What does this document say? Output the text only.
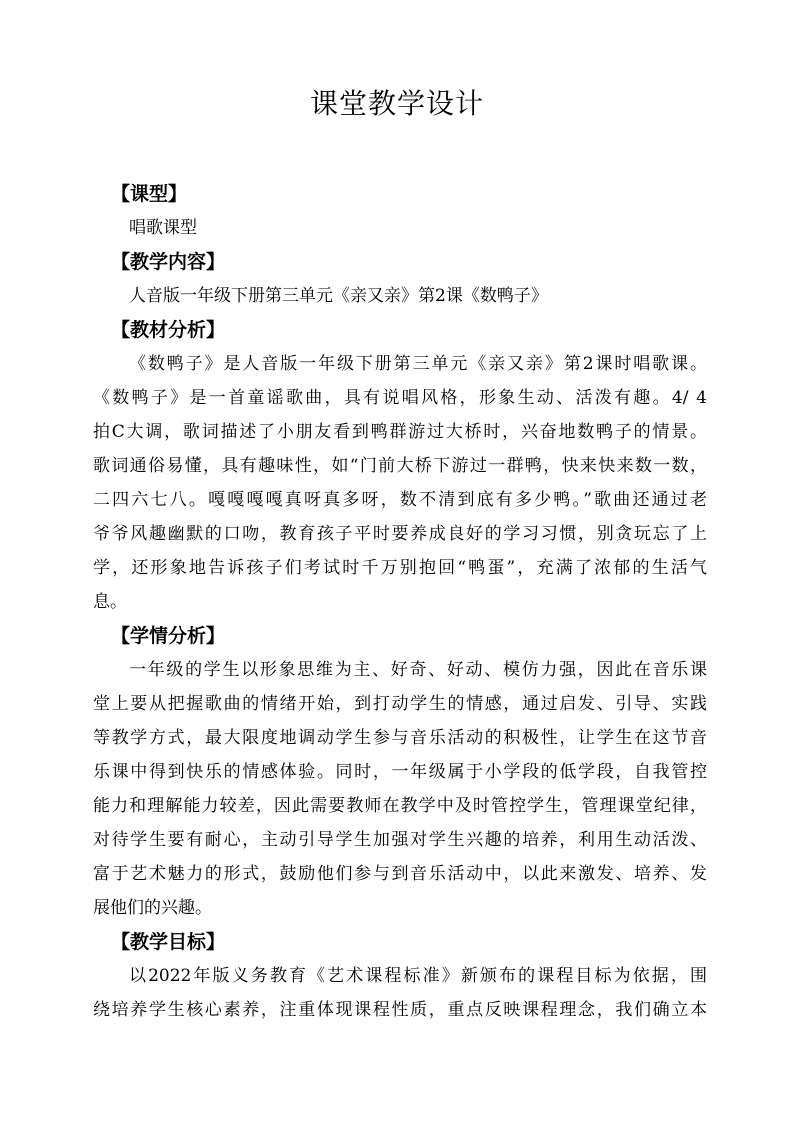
课堂教学设计
【课型】
唱歌课型
【教学内容】
人音版一年级下册第三单元《亲又亲》第2课《数鸭子》
【教材分析】
《数鸭子》是人音版一年级下册第三单元《亲又亲》第2课时唱歌课。
《数鸭子》是一首童谣歌曲，具有说唱风格，形象生动、活泼有趣。4/ 4
拍C大调，歌词描述了小朋友看到鸭群游过大桥时，兴奋地数鸭子的情景。
歌词通俗易懂，具有趣味性，如“门前大桥下游过一群鸭，快来快来数一数，
二四六七八。嘎嘎嘎嘎真呀真多呀，数不清到底有多少鸭。”歌曲还通过老
爷爷风趣幽默的口吻，教育孩子平时要养成良好的学习习惯，别贪玩忘了上
学，还形象地告诉孩子们考试时千万别抱回“鸭蛋”，充满了浓郁的生活气
息。
【学情分析】
一年级的学生以形象思维为主、好奇、好动、模仿力强，因此在音乐课
堂上要从把握歌曲的情绪开始，到打动学生的情感，通过启发、引导、实践
等教学方式，最大限度地调动学生参与音乐活动的积极性，让学生在这节音
乐课中得到快乐的情感体验。同时，一年级属于小学段的低学段，自我管控
能力和理解能力较差，因此需要教师在教学中及时管控学生，管理课堂纪律，
对待学生要有耐心，主动引导学生加强对学生兴趣的培养，利用生动活泼、
富于艺术魅力的形式，鼓励他们参与到音乐活动中，以此来激发、培养、发
展他们的兴趣。
【教学目标】
以2022年版义务教育《艺术课程标准》新颁布的课程目标为依据，围
绕培养学生核心素养，注重体现课程性质，重点反映课程理念，我们确立本
